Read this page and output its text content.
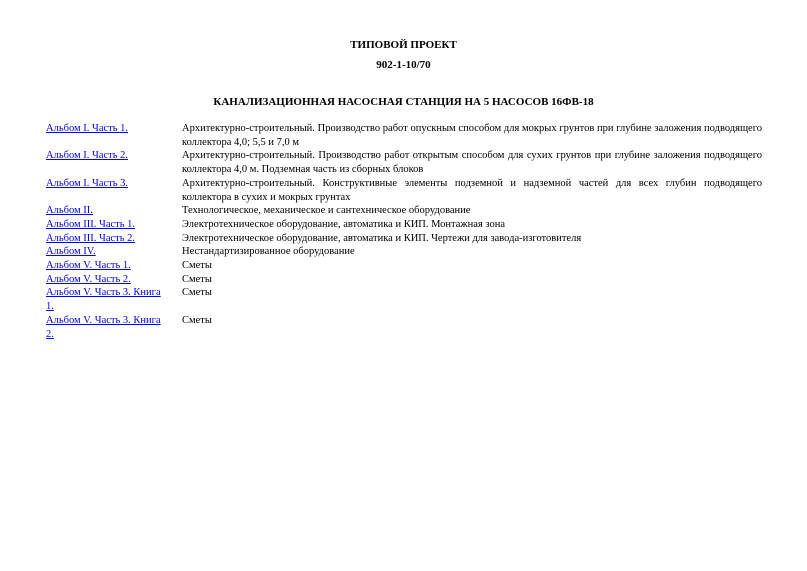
ТИПОВОЙ ПРОЕКТ
902-1-10/70
КАНАЛИЗАЦИОННАЯ НАСОСНАЯ СТАНЦИЯ НА 5 НАСОСОВ 16ФВ-18
Альбом I. Часть 1.	Архитектурно-строительный. Производство работ опускным способом для мокрых грунтов при глубине заложения подводящего коллектора 4,0; 5,5 и 7,0 м
Альбом I. Часть 2.	Архитектурно-строительный. Производство работ открытым способом для сухих грунтов при глубине заложения подводящего коллектора 4,0 м. Подземная часть из сборных блоков
Альбом I. Часть 3.	Архитектурно-строительный. Конструктивные элементы подземной и надземной частей для всех глубин подводящего коллектора в сухих и мокрых грунтах
Альбом II.	Технологическое, механическое и сантехническое оборудование
Альбом III. Часть 1.	Электротехническое оборудование, автоматика и КИП. Монтажная зона
Альбом III. Часть 2.	Электротехническое оборудование, автоматика и КИП. Чертежи для завода-изготовителя
Альбом IV.	Нестандартизированное оборудование
Альбом V. Часть 1.	Сметы
Альбом V. Часть 2.	Сметы
Альбом V. Часть 3. Книга 1.	Сметы
Альбом V. Часть 3. Книга 2.	Сметы
